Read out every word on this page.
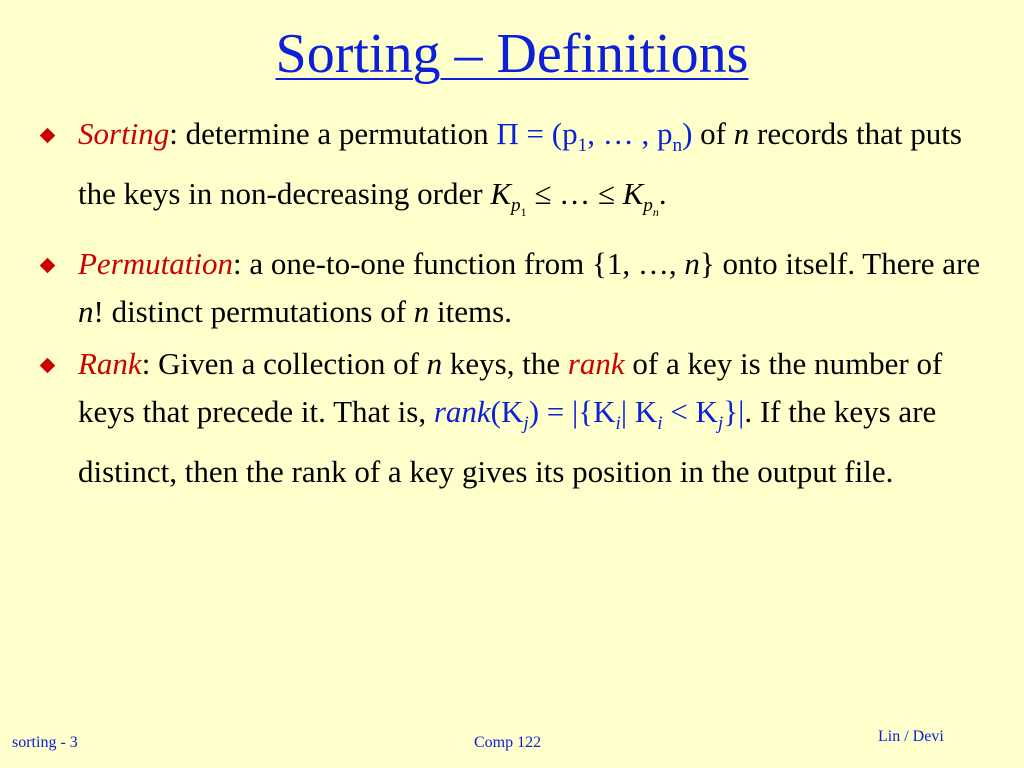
Sorting – Definitions
Sorting: determine a permutation $\Pi = (p_1$, … , $p_n$) of n records that puts the keys in non-decreasing order $K_{p_1}$ ≤ … ≤ $K_{p_n}$.
Permutation: a one-to-one function from {1, …, n} onto itself. There are n! distinct permutations of n items.
Rank: Given a collection of n keys, the rank of a key is the number of keys that precede it. That is, $rank(K_j) = |\{K_i|$ $K_i < K_j\}|$. If the keys are distinct, then the rank of a key gives its position in the output file.
sorting - 3	Comp 122	Lin / Devi
